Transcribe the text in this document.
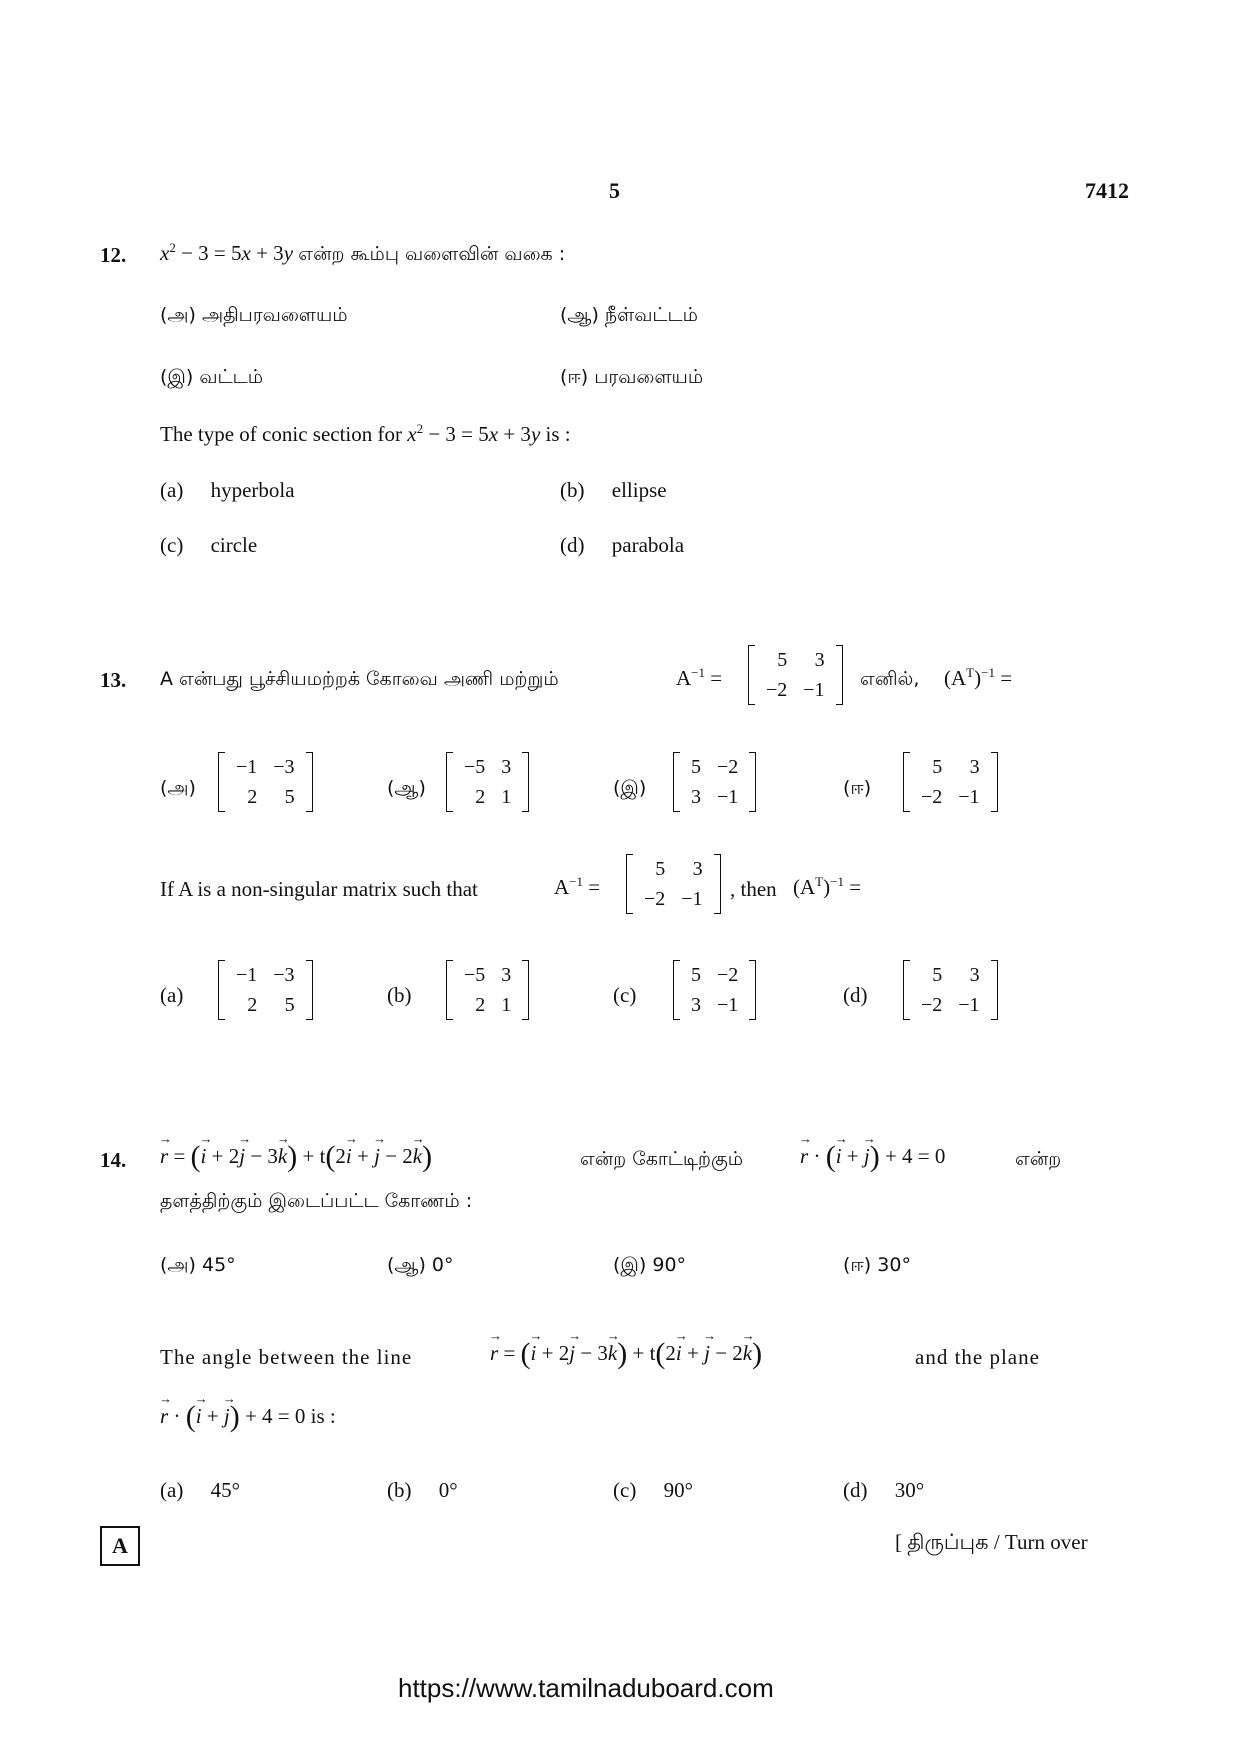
5	7412
12. $x^2 - 3 = 5x + 3y$ என்ற கூம்பு வளைவின் வகை :
(அ) அதிபரவளையம்	(ஆ) நீள்வட்டம்
(இ) வட்டம்	(ஈ) பரவளையம்
The type of conic section for $x^2 - 3 = 5x + 3y$ is :
(a) hyperbola	(b) ellipse
(c) circle	(d) parabola
13. A என்பது பூச்சியமற்றக் கோவை அணி மற்றும்	$A^{-1}$ =
5	3
−2	−1 எனில், $(A^T)^{-1}$ =
(அ)
−1	−3
2	5	(ஆ)
−5	3
2	1	(இ)
5	−2
3	−1	(ஈ)
5	3
−2	−1
If A is a non-singular matrix such that	$A^{-1}$ =
5	3
−2	−1 , then $(A^T)^{-1}$ =
(a)
−1	−3
2	5	(b)
−5	3
2	1	(c)
5	−2
3	−1	(d)
5	3
−2	−1
14. → r = (→ i + 2→ j − 3→ k) + t(2→ i + → j − 2→ k)	என்ற கோட்டிற்கும்	→ r · (→ i + → j) + 4 = 0	என்ற
தளத்திற்கும் இடைப்பட்ட கோணம் :
(அ) 45°	(ஆ) 0°	(இ) 90°	(ஈ) 30°
The angle between the line	→ r = (→ i + 2→ j − 3→ k) + t(2→ i + → j − 2→ k)	and the plane
→ r · (→ i + → j) + 4 = 0 is :
(a) 45°	(b) 0°	(c) 90°	(d) 30°
A	[ திருப்புக / Turn over
https://www.tamilnaduboard.com
